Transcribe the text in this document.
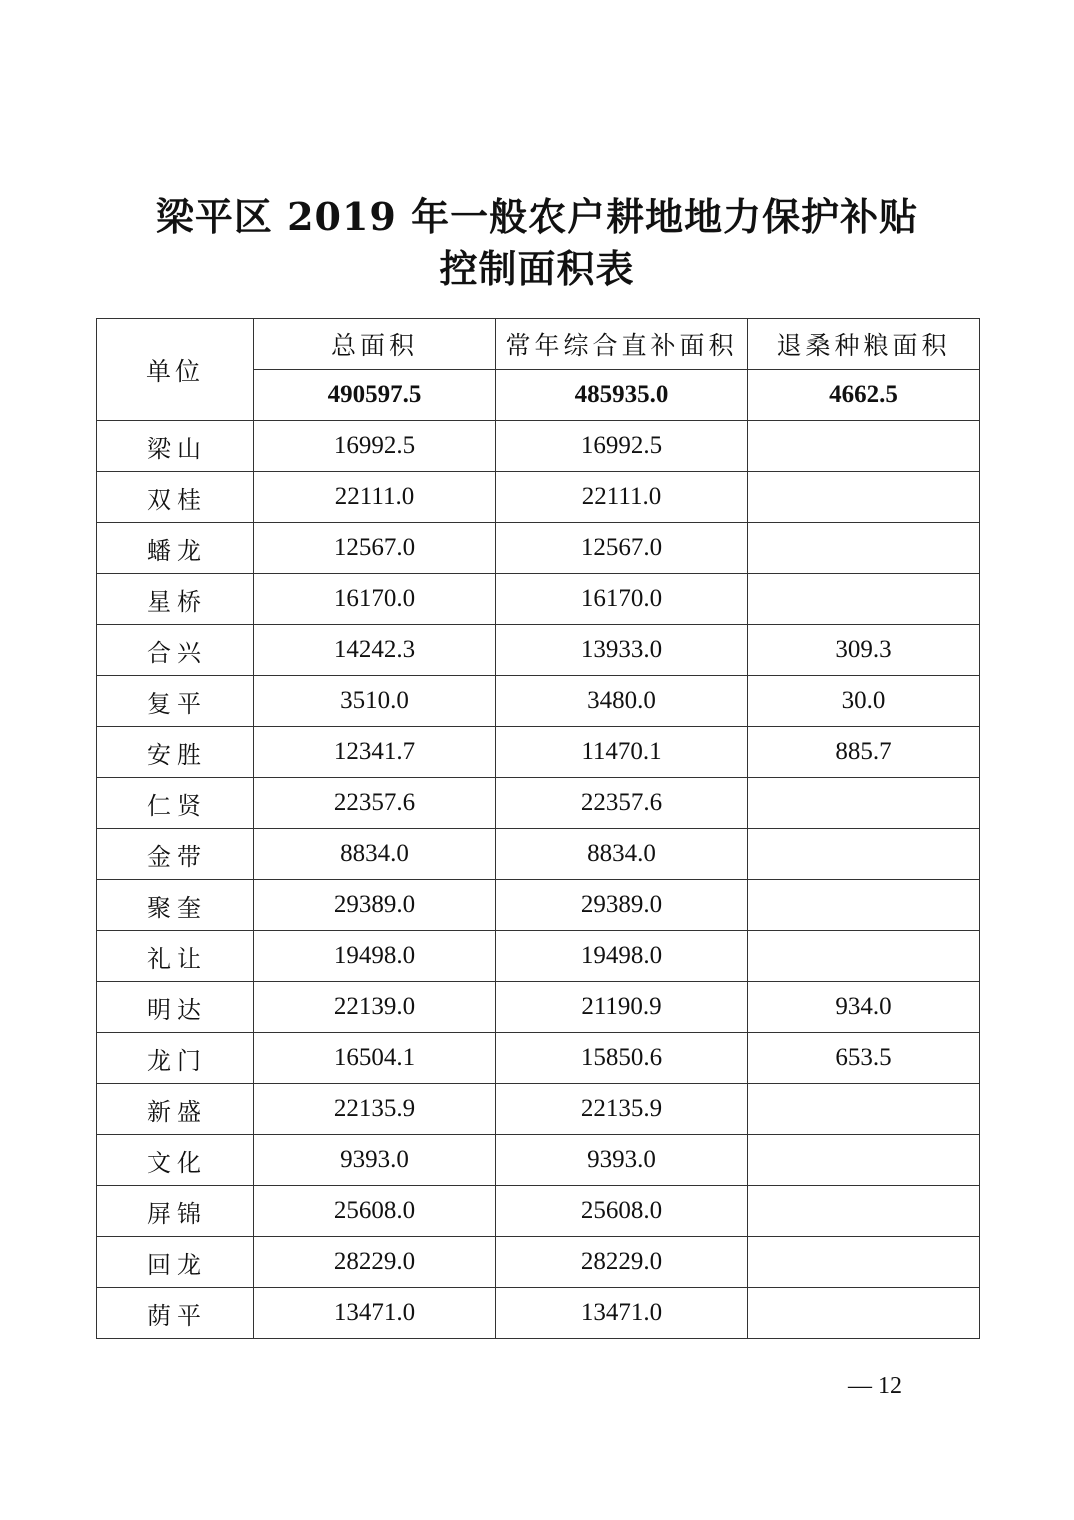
梁平区 2019 年一般农户耕地地力保护补贴
控制面积表
单位	总面积	常年综合直补面积	退桑种粮面积
	490597.5	485935.0	4662.5
梁山	16992.5	16992.5	
双桂	22111.0	22111.0	
蟠龙	12567.0	12567.0	
星桥	16170.0	16170.0	
合兴	14242.3	13933.0	309.3
复平	3510.0	3480.0	30.0
安胜	12341.7	11470.1	885.7
仁贤	22357.6	22357.6	
金带	8834.0	8834.0	
聚奎	29389.0	29389.0	
礼让	19498.0	19498.0	
明达	22139.0	21190.9	934.0
龙门	16504.1	15850.6	653.5
新盛	22135.9	22135.9	
文化	9393.0	9393.0	
屏锦	25608.0	25608.0	
回龙	28229.0	28229.0	
荫平	13471.0	13471.0	
— 12
